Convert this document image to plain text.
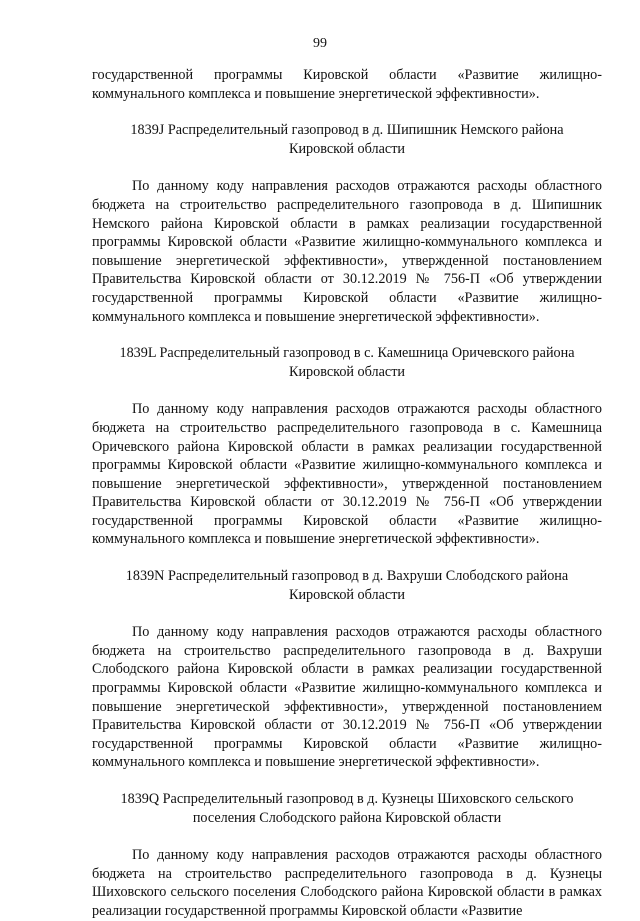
99

государственной программы Кировской области «Развитие жилищно-коммунального комплекса и повышение энергетической эффективности».

1839J Распределительный газопровод в д. Шипишник Немского района Кировской области

По данному коду направления расходов отражаются расходы областного бюджета на строительство распределительного газопровода в д. Шипишник Немского района Кировской области в рамках реализации государственной программы Кировской области «Развитие жилищно-коммунального комплекса и повышение энергетической эффективности», утвержденной постановлением Правительства Кировской области от 30.12.2019 № 756-П «Об утверждении государственной программы Кировской области «Развитие жилищно-коммунального комплекса и повышение энергетической эффективности».

1839L Распределительный газопровод в с. Камешница Оричевского района Кировской области

По данному коду направления расходов отражаются расходы областного бюджета на строительство распределительного газопровода в с. Камешница Оричевского района Кировской области в рамках реализации государственной программы Кировской области «Развитие жилищно-коммунального комплекса и повышение энергетической эффективности», утвержденной постановлением Правительства Кировской области от 30.12.2019 № 756-П «Об утверждении государственной программы Кировской области «Развитие жилищно-коммунального комплекса и повышение энергетической эффективности».

1839N Распределительный газопровод в д. Вахруши Слободского района Кировской области

По данному коду направления расходов отражаются расходы областного бюджета на строительство распределительного газопровода в д. Вахруши Слободского района Кировской области в рамках реализации государственной программы Кировской области «Развитие жилищно-коммунального комплекса и повышение энергетической эффективности», утвержденной постановлением Правительства Кировской области от 30.12.2019 № 756-П «Об утверждении государственной программы Кировской области «Развитие жилищно-коммунального комплекса и повышение энергетической эффективности».

1839Q Распределительный газопровод в д. Кузнецы Шиховского сельского поселения Слободского района Кировской области

По данному коду направления расходов отражаются расходы областного бюджета на строительство распределительного газопровода в д. Кузнецы Шиховского сельского поселения Слободского района Кировской области в рамках реализации государственной программы Кировской области «Развитие
